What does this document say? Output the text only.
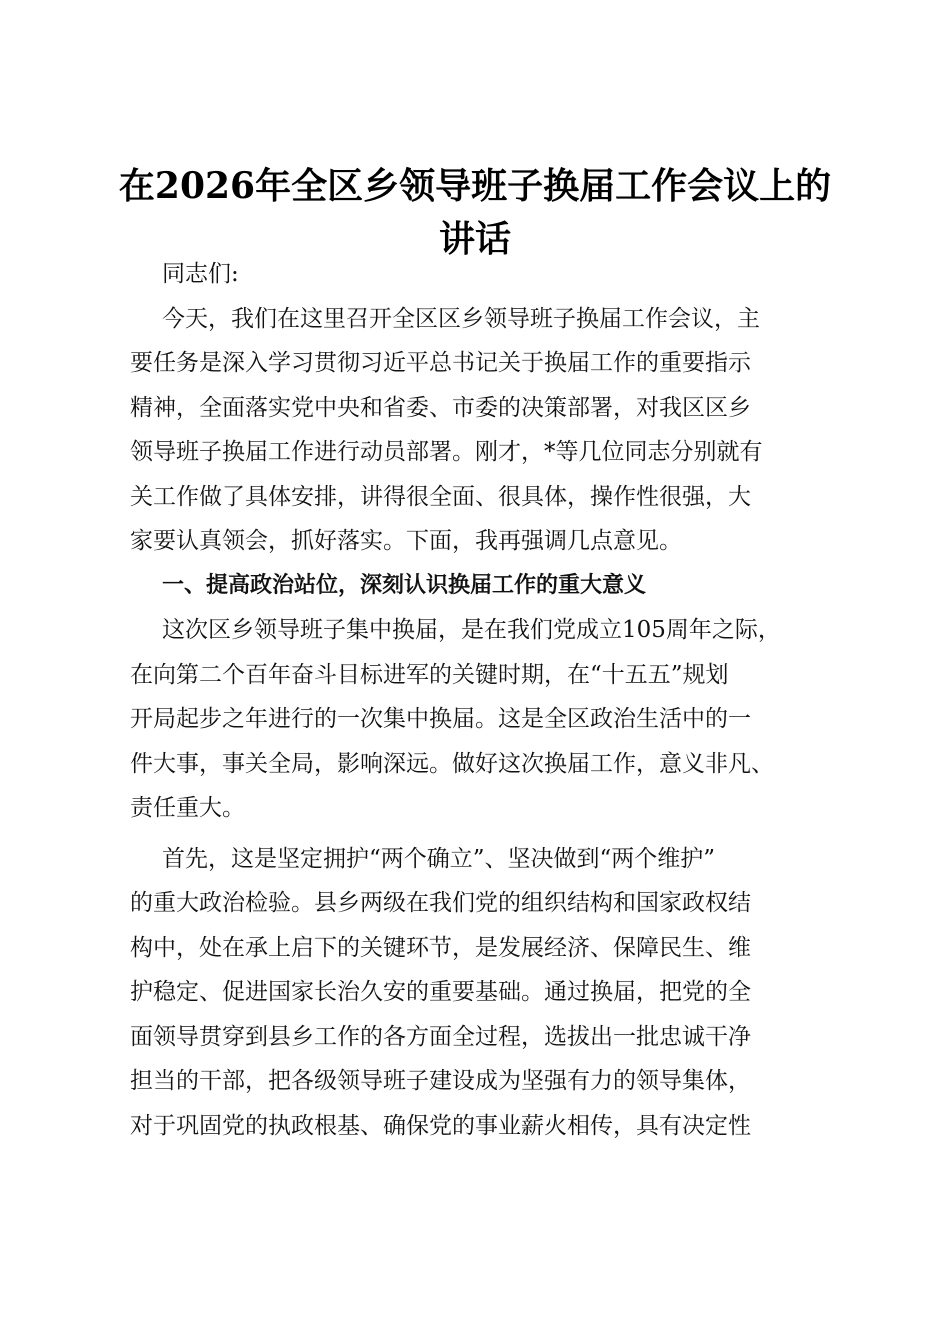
在2026年全区乡领导班子换届工作会议上的
讲话
同志们:
今天，我们在这里召开全区区乡领导班子换届工作会议，主
要任务是深入学习贯彻习近平总书记关于换届工作的重要指示
精神，全面落实党中央和省委、市委的决策部署，对我区区乡
领导班子换届工作进行动员部署。刚才，*等几位同志分别就有
关工作做了具体安排，讲得很全面、很具体，操作性很强，大
家要认真领会，抓好落实。下面，我再强调几点意见。
一、提高政治站位，深刻认识换届工作的重大意义
这次区乡领导班子集中换届，是在我们党成立105周年之际，
在向第二个百年奋斗目标进军的关键时期，在“十五五”规划
开局起步之年进行的一次集中换届。这是全区政治生活中的一
件大事，事关全局，影响深远。做好这次换届工作，意义非凡、
责任重大。
首先，这是坚定拥护“两个确立”、坚决做到“两个维护”
的重大政治检验。县乡两级在我们党的组织结构和国家政权结
构中，处在承上启下的关键环节，是发展经济、保障民生、维
护稳定、促进国家长治久安的重要基础。通过换届，把党的全
面领导贯穿到县乡工作的各方面全过程，选拔出一批忠诚干净
担当的干部，把各级领导班子建设成为坚强有力的领导集体，
对于巩固党的执政根基、确保党的事业薪火相传，具有决定性
